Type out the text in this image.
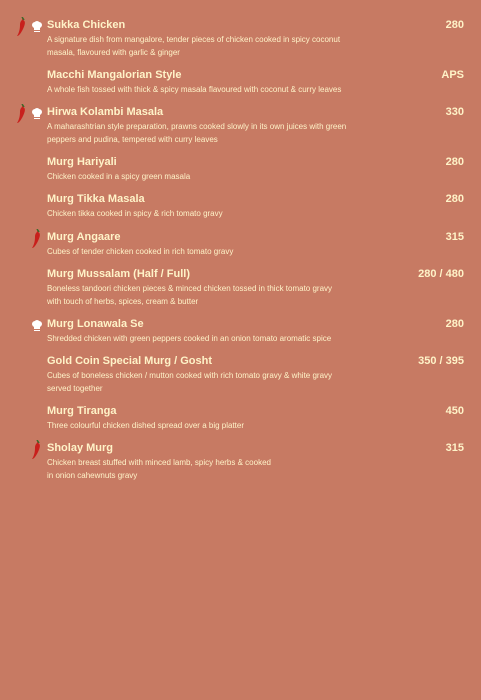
Sukka Chicken	280
A signature dish from mangalore, tender pieces of chicken cooked in spicy coconut masala, flavoured with garlic & ginger
Macchi Mangalorian Style	APS
A whole fish tossed with thick & spicy masala flavoured with coconut & curry leaves
Hirwa Kolambi Masala	330
A maharashtrian style preparation, prawns cooked slowly in its own juices with green peppers and pudina, tempered with curry leaves
Murg Hariyali	280
Chicken cooked in a spicy green masala
Murg Tikka Masala	280
Chicken tikka cooked in spicy & rich tomato gravy
Murg Angaare	315
Cubes of tender chicken cooked in rich tomato gravy
Murg Mussalam (Half / Full)	280 / 480
Boneless tandoori chicken pieces & minced chicken tossed in thick tomato gravy with touch of herbs, spices, cream & butter
Murg Lonawala Se	280
Shredded chicken with green peppers cooked in an onion tomato aromatic spice
Gold Coin Special Murg / Gosht	350 / 395
Cubes of boneless chicken / mutton cooked with rich tomato gravy & white gravy served together
Murg Tiranga	450
Three colourful chicken dished spread over a big platter
Sholay Murg	315
Chicken breast stuffed with minced lamb, spicy herbs & cooked in onion cahewnuts gravy
